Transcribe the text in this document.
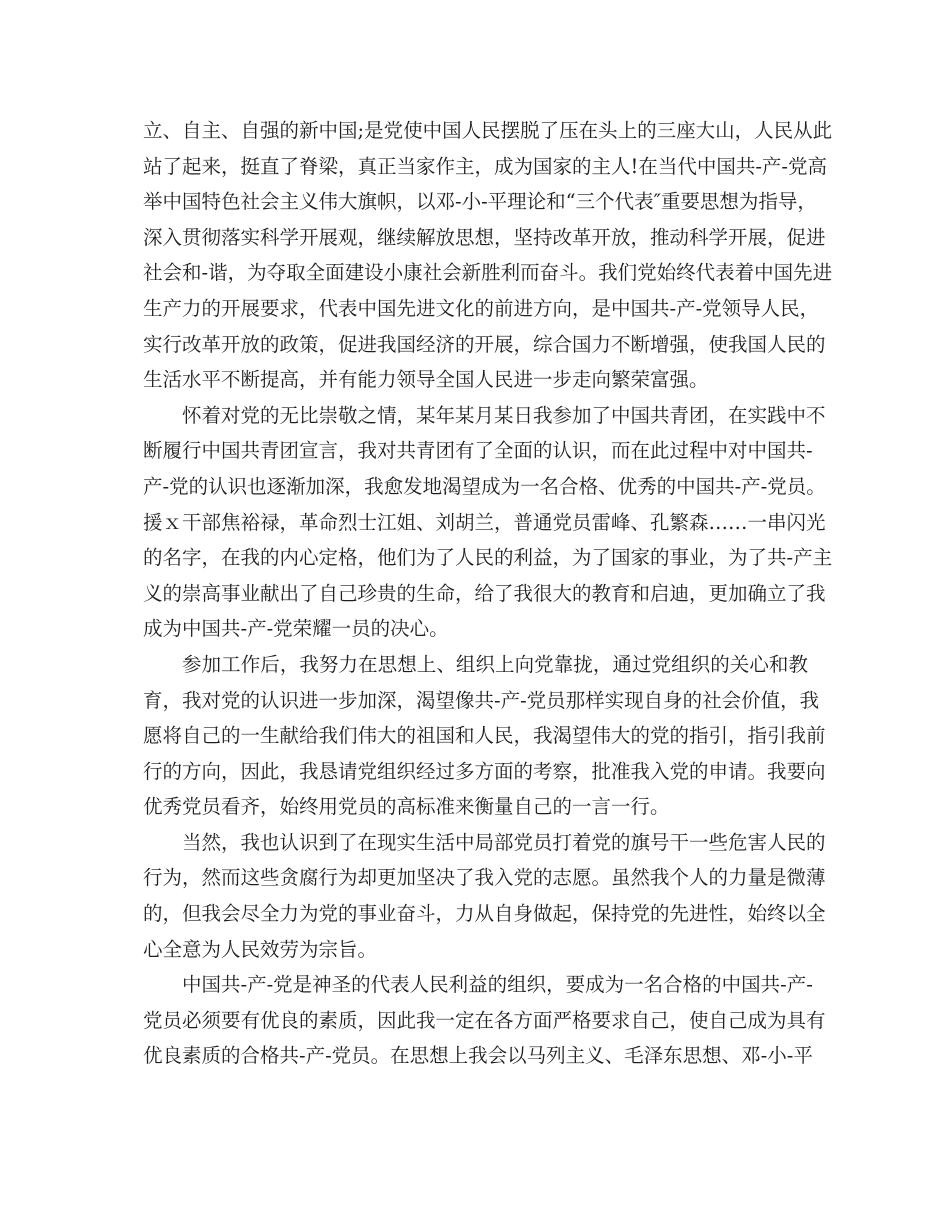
立、自主、自强的新中国;是党使中国人民摆脱了压在头上的三座大山，人民从此
站了起来，挺直了脊梁，真正当家作主，成为国家的主人!在当代中国共-产-党高
举中国特色社会主义伟大旗帜，以邓-小-平理论和“三个代表″重要思想为指导，
深入贯彻落实科学开展观，继续解放思想，坚持改革开放，推动科学开展，促进
社会和-谐，为夺取全面建设小康社会新胜利而奋斗。我们党始终代表着中国先进
生产力的开展要求，代表中国先进文化的前进方向，是中国共-产-党领导人民，
实行改革开放的政策，促进我国经济的开展，综合国力不断增强，使我国人民的
生活水平不断提高，并有能力领导全国人民进一步走向繁荣富强。
怀着对党的无比崇敬之情，某年某月某日我参加了中国共青团，在实践中不
断履行中国共青团宣言，我对共青团有了全面的认识，而在此过程中对中国共-
产-党的认识也逐渐加深，我愈发地渴望成为一名合格、优秀的中国共-产-党员。
援ｘ干部焦裕禄，革命烈士江姐、刘胡兰，普通党员雷峰、孔繁森……一串闪光
的名字，在我的内心定格，他们为了人民的利益，为了国家的事业，为了共-产主
义的崇高事业献出了自己珍贵的生命，给了我很大的教育和启迪，更加确立了我
成为中国共-产-党荣耀一员的决心。
参加工作后，我努力在思想上、组织上向党靠拢，通过党组织的关心和教
育，我对党的认识进一步加深，渴望像共-产-党员那样实现自身的社会价值，我
愿将自己的一生献给我们伟大的祖国和人民，我渴望伟大的党的指引，指引我前
行的方向，因此，我恳请党组织经过多方面的考察，批准我入党的申请。我要向
优秀党员看齐，始终用党员的高标准来衡量自己的一言一行。
当然，我也认识到了在现实生活中局部党员打着党的旗号干一些危害人民的
行为，然而这些贪腐行为却更加坚决了我入党的志愿。虽然我个人的力量是微薄
的，但我会尽全力为党的事业奋斗，力从自身做起，保持党的先进性，始终以全
心全意为人民效劳为宗旨。
中国共-产-党是神圣的代表人民利益的组织，要成为一名合格的中国共-产-
党员必须要有优良的素质，因此我一定在各方面严格要求自己，使自己成为具有
优良素质的合格共-产-党员。在思想上我会以马列主义、毛泽东思想、邓-小-平
